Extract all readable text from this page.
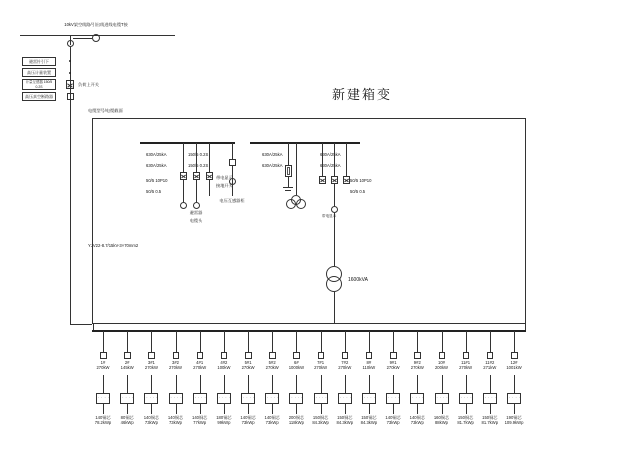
10kV架空线路/引出线进线电缆T接
避雷针引下
高压计量装置
计量互感器 150/5 0.2S
高压真空断路器
负荷上开关
电缆型号/电缆截面
YJV22-8.7/15kV-3×70mm2
新建箱变
630A/25kA
630A/25kA
150/5 0.2S
150/5 0.2S
50/5 10P10
50/5 0.5
630A/25kA
630A/25kA
630A/25kA
630A/25kA
50/5 10P10
50/5 0.5
带电显示
接地开关
避雷器
电缆头
电压互感器柜
带电显示
1600kVA
1#
270kW
· · · ·
140铜芯
78.2kWp
2#
145kW
· · · ·
80铜芯
46kWp
3#1
270kW
· · · ·
140铜芯
73kWp
3#2
270kW
· · · ·
140铜芯
73kWp
4#1
270kW
· · · ·
140铜芯
77kWp
4#2
100kW
· · · ·
180铜芯
99kWp
5#1
270kW
· · · ·
140铜芯
73kWp
5#2
270kW
· · · ·
140铜芯
73kWp
6#
1000kW
· · · ·
200铜芯
118kWp
7#1
270kW
· · · ·
150铜芯
84.3kWp
7#2
270kW
· · · ·
150铜芯
84.3kWp
8#
110kW
· · · ·
150铜芯
84.3kWp
9#1
270kW
· · · ·
140铜芯
73kWp
9#2
270kW
· · · ·
140铜芯
73kWp
10#
200kW
· · · ·
160铜芯
88kWp
11#1
270kW
· · · ·
150铜芯
81.7kWp
11#2
271kW
· · · ·
150铜芯
81.7kWp
12#
1001kW
· · · ·
190铜芯
109.9kWp
